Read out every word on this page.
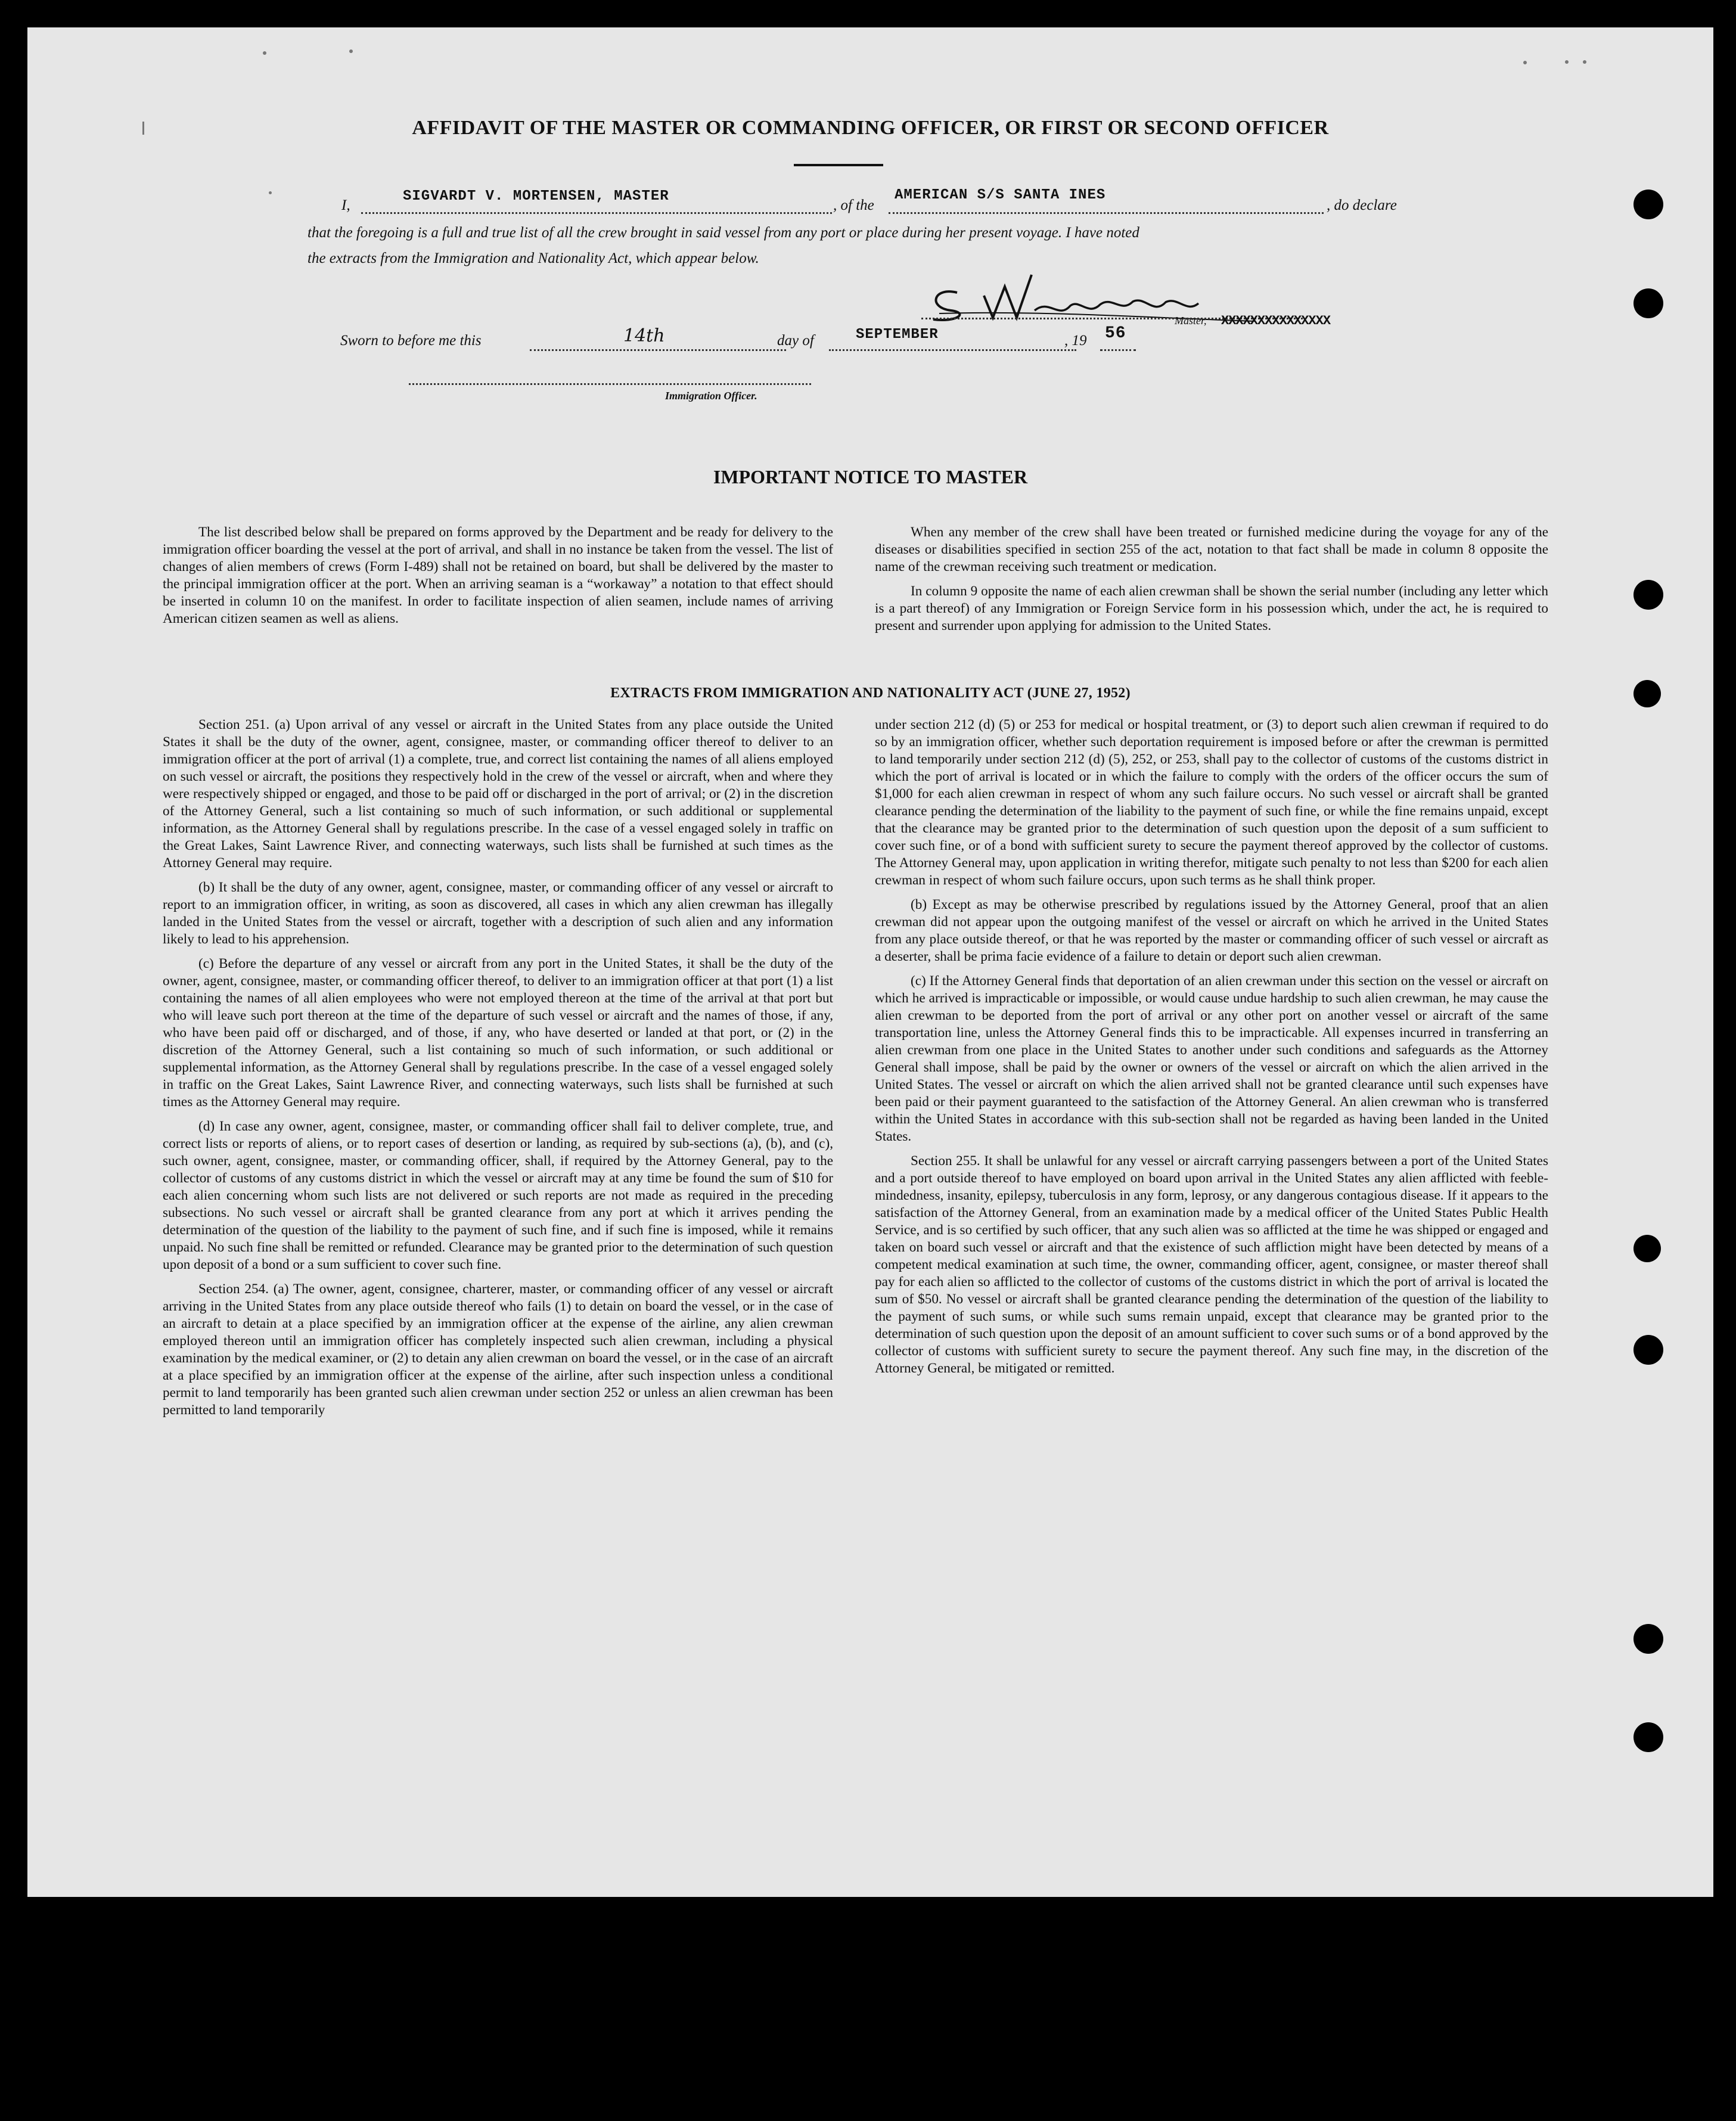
AFFIDAVIT OF THE MASTER OR COMMANDING OFFICER, OR FIRST OR SECOND OFFICER
I,
SIGVARDT V. MORTENSEN, MASTER
, of the
AMERICAN S/S SANTA INES
, do declare
that the foregoing is a full and true list of all the crew brought in said vessel from any port or place during her present voyage. I have noted
the extracts from the Immigration and Nationality Act, which appear below.
Master, XXXXXXXXXXXXXXX
Sworn to before me this	14th	day of	SEPTEMBER	, 19 56
Immigration Officer.
IMPORTANT NOTICE TO MASTER

The list described below shall be prepared on forms approved by the Department and be ready for delivery to the immigration officer boarding the vessel at the port of arrival, and shall in no instance be taken from the vessel. The list of changes of alien members of crews (Form I-489) shall not be retained on board, but shall be delivered by the master to the principal immigration officer at the port. When an arriving seaman is a “workaway” a notation to that effect should be inserted in column 10 on the manifest. In order to facilitate inspection of alien seamen, include names of arriving American citizen seamen as well as aliens.

When any member of the crew shall have been treated or furnished medicine during the voyage for any of the diseases or disabilities specified in section 255 of the act, notation to that fact shall be made in column 8 opposite the name of the crewman receiving such treatment or medication.

In column 9 opposite the name of each alien crewman shall be shown the serial number (including any letter which is a part thereof) of any Immigration or Foreign Service form in his possession which, under the act, he is required to present and surrender upon applying for admission to the United States.

EXTRACTS FROM IMMIGRATION AND NATIONALITY ACT (JUNE 27, 1952)

Section 251. (a) Upon arrival of any vessel or aircraft in the United States from any place outside the United States it shall be the duty of the owner, agent, consignee, master, or commanding officer thereof to deliver to an immigration officer at the port of arrival (1) a complete, true, and correct list containing the names of all aliens employed on such vessel or aircraft, the positions they respectively hold in the crew of the vessel or aircraft, when and where they were respectively shipped or engaged, and those to be paid off or discharged in the port of arrival; or (2) in the discretion of the Attorney General, such a list containing so much of such information, or such additional or supplemental information, as the Attorney General shall by regulations prescribe. In the case of a vessel engaged solely in traffic on the Great Lakes, Saint Lawrence River, and connecting waterways, such lists shall be furnished at such times as the Attorney General may require.

(b) It shall be the duty of any owner, agent, consignee, master, or commanding officer of any vessel or aircraft to report to an immigration officer, in writing, as soon as discovered, all cases in which any alien crewman has illegally landed in the United States from the vessel or aircraft, together with a description of such alien and any information likely to lead to his apprehension.

(c) Before the departure of any vessel or aircraft from any port in the United States, it shall be the duty of the owner, agent, consignee, master, or commanding officer thereof, to deliver to an immigration officer at that port (1) a list containing the names of all alien employees who were not employed thereon at the time of the arrival at that port but who will leave such port thereon at the time of the departure of such vessel or aircraft and the names of those, if any, who have been paid off or discharged, and of those, if any, who have deserted or landed at that port, or (2) in the discretion of the Attorney General, such a list containing so much of such information, or such additional or supplemental information, as the Attorney General shall by regulations prescribe. In the case of a vessel engaged solely in traffic on the Great Lakes, Saint Lawrence River, and connecting waterways, such lists shall be furnished at such times as the Attorney General may require.

(d) In case any owner, agent, consignee, master, or commanding officer shall fail to deliver complete, true, and correct lists or reports of aliens, or to report cases of desertion or landing, as required by sub-sections (a), (b), and (c), such owner, agent, consignee, master, or commanding officer, shall, if required by the Attorney General, pay to the collector of customs of any customs district in which the vessel or aircraft may at any time be found the sum of $10 for each alien concerning whom such lists are not delivered or such reports are not made as required in the preceding subsections. No such vessel or aircraft shall be granted clearance from any port at which it arrives pending the determination of the question of the liability to the payment of such fine, and if such fine is imposed, while it remains unpaid. No such fine shall be remitted or refunded. Clearance may be granted prior to the determination of such question upon deposit of a bond or a sum sufficient to cover such fine.

Section 254. (a) The owner, agent, consignee, charterer, master, or commanding officer of any vessel or aircraft arriving in the United States from any place outside thereof who fails (1) to detain on board the vessel, or in the case of an aircraft to detain at a place specified by an immigration officer at the expense of the airline, any alien crewman employed thereon until an immigration officer has completely inspected such alien crewman, including a physical examination by the medical examiner, or (2) to detain any alien crewman on board the vessel, or in the case of an aircraft at a place specified by an immigration officer at the expense of the airline, after such inspection unless a conditional permit to land temporarily has been granted such alien crewman under section 252 or unless an alien crewman has been permitted to land temporarily

under section 212 (d) (5) or 253 for medical or hospital treatment, or (3) to deport such alien crewman if required to do so by an immigration officer, whether such deportation requirement is imposed before or after the crewman is permitted to land temporarily under section 212 (d) (5), 252, or 253, shall pay to the collector of customs of the customs district in which the port of arrival is located or in which the failure to comply with the orders of the officer occurs the sum of $1,000 for each alien crewman in respect of whom any such failure occurs. No such vessel or aircraft shall be granted clearance pending the determination of the liability to the payment of such fine, or while the fine remains unpaid, except that the clearance may be granted prior to the determination of such question upon the deposit of a sum sufficient to cover such fine, or of a bond with sufficient surety to secure the payment thereof approved by the collector of customs. The Attorney General may, upon application in writing therefor, mitigate such penalty to not less than $200 for each alien crewman in respect of whom such failure occurs, upon such terms as he shall think proper.

(b) Except as may be otherwise prescribed by regulations issued by the Attorney General, proof that an alien crewman did not appear upon the outgoing manifest of the vessel or aircraft on which he arrived in the United States from any place outside thereof, or that he was reported by the master or commanding officer of such vessel or aircraft as a deserter, shall be prima facie evidence of a failure to detain or deport such alien crewman.

(c) If the Attorney General finds that deportation of an alien crewman under this section on the vessel or aircraft on which he arrived is impracticable or impossible, or would cause undue hardship to such alien crewman, he may cause the alien crewman to be deported from the port of arrival or any other port on another vessel or aircraft of the same transportation line, unless the Attorney General finds this to be impracticable. All expenses incurred in transferring an alien crewman from one place in the United States to another under such conditions and safeguards as the Attorney General shall impose, shall be paid by the owner or owners of the vessel or aircraft on which the alien arrived in the United States. The vessel or aircraft on which the alien arrived shall not be granted clearance until such expenses have been paid or their payment guaranteed to the satisfaction of the Attorney General. An alien crewman who is transferred within the United States in accordance with this sub-section shall not be regarded as having been landed in the United States.

Section 255. It shall be unlawful for any vessel or aircraft carrying passengers between a port of the United States and a port outside thereof to have employed on board upon arrival in the United States any alien afflicted with feeble-mindedness, insanity, epilepsy, tuberculosis in any form, leprosy, or any dangerous contagious disease. If it appears to the satisfaction of the Attorney General, from an examination made by a medical officer of the United States Public Health Service, and is so certified by such officer, that any such alien was so afflicted at the time he was shipped or engaged and taken on board such vessel or aircraft and that the existence of such affliction might have been detected by means of a competent medical examination at such time, the owner, commanding officer, agent, consignee, or master thereof shall pay for each alien so afflicted to the collector of customs of the customs district in which the port of arrival is located the sum of $50. No vessel or aircraft shall be granted clearance pending the determination of the question of the liability to the payment of such sums, or while such sums remain unpaid, except that clearance may be granted prior to the determination of such question upon the deposit of an amount sufficient to cover such sums or of a bond approved by the collector of customs with sufficient surety to secure the payment thereof. Any such fine may, in the discretion of the Attorney General, be mitigated or remitted.
